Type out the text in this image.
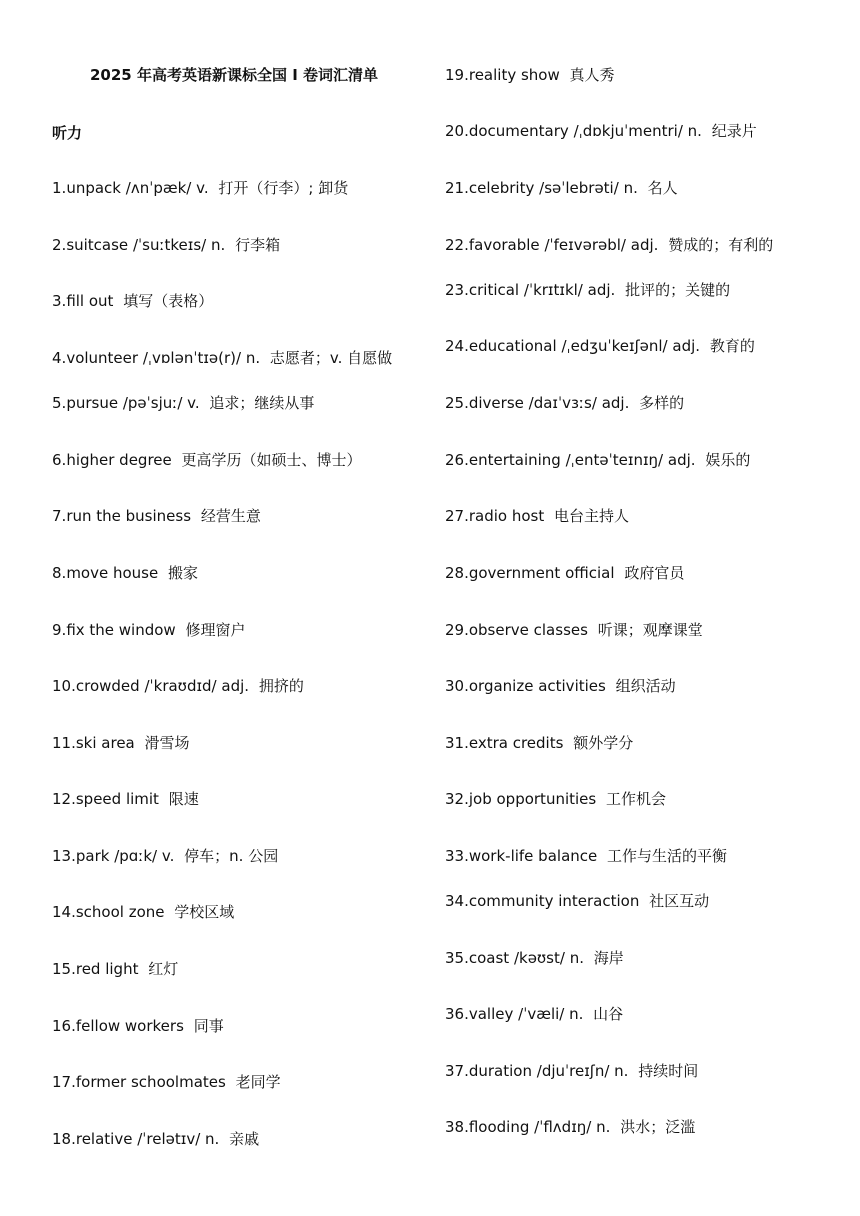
2025 年高考英语新课标全国 I 卷词汇清单
听力
1.unpack /ʌnˈpæk/ v. 打开（行李）; 卸货
2.suitcase /ˈsuːtkeɪs/ n. 行李箱
3.fill out 填写（表格）
4.volunteer /ˌvɒlənˈtɪə(r)/ n. 志愿者；v. 自愿做
5.pursue /pəˈsjuː/ v. 追求；继续从事
6.higher degree 更高学历（如硕士、博士）
7.run the business 经营生意
8.move house 搬家
9.fix the window 修理窗户
10.crowded /ˈkraʊdɪd/ adj. 拥挤的
11.ski area 滑雪场
12.speed limit 限速
13.park /pɑːk/ v. 停车；n. 公园
14.school zone 学校区域
15.red light 红灯
16.fellow workers 同事
17.former schoolmates 老同学
18.relative /ˈrelətɪv/ n. 亲戚
19.reality show 真人秀
20.documentary /ˌdɒkjuˈmentri/ n. 纪录片
21.celebrity /səˈlebrəti/ n. 名人
22.favorable /ˈfeɪvərəbl/ adj. 赞成的；有利的
23.critical /ˈkrɪtɪkl/ adj. 批评的；关键的
24.educational /ˌedʒuˈkeɪʃənl/ adj. 教育的
25.diverse /daɪˈvɜːs/ adj. 多样的
26.entertaining /ˌentəˈteɪnɪŋ/ adj. 娱乐的
27.radio host 电台主持人
28.government official 政府官员
29.observe classes 听课；观摩课堂
30.organize activities 组织活动
31.extra credits 额外学分
32.job opportunities 工作机会
33.work-life balance 工作与生活的平衡
34.community interaction 社区互动
35.coast /kəʊst/ n. 海岸
36.valley /ˈvæli/ n. 山谷
37.duration /djuˈreɪʃn/ n. 持续时间
38.flooding /ˈflʌdɪŋ/ n. 洪水；泛滥
